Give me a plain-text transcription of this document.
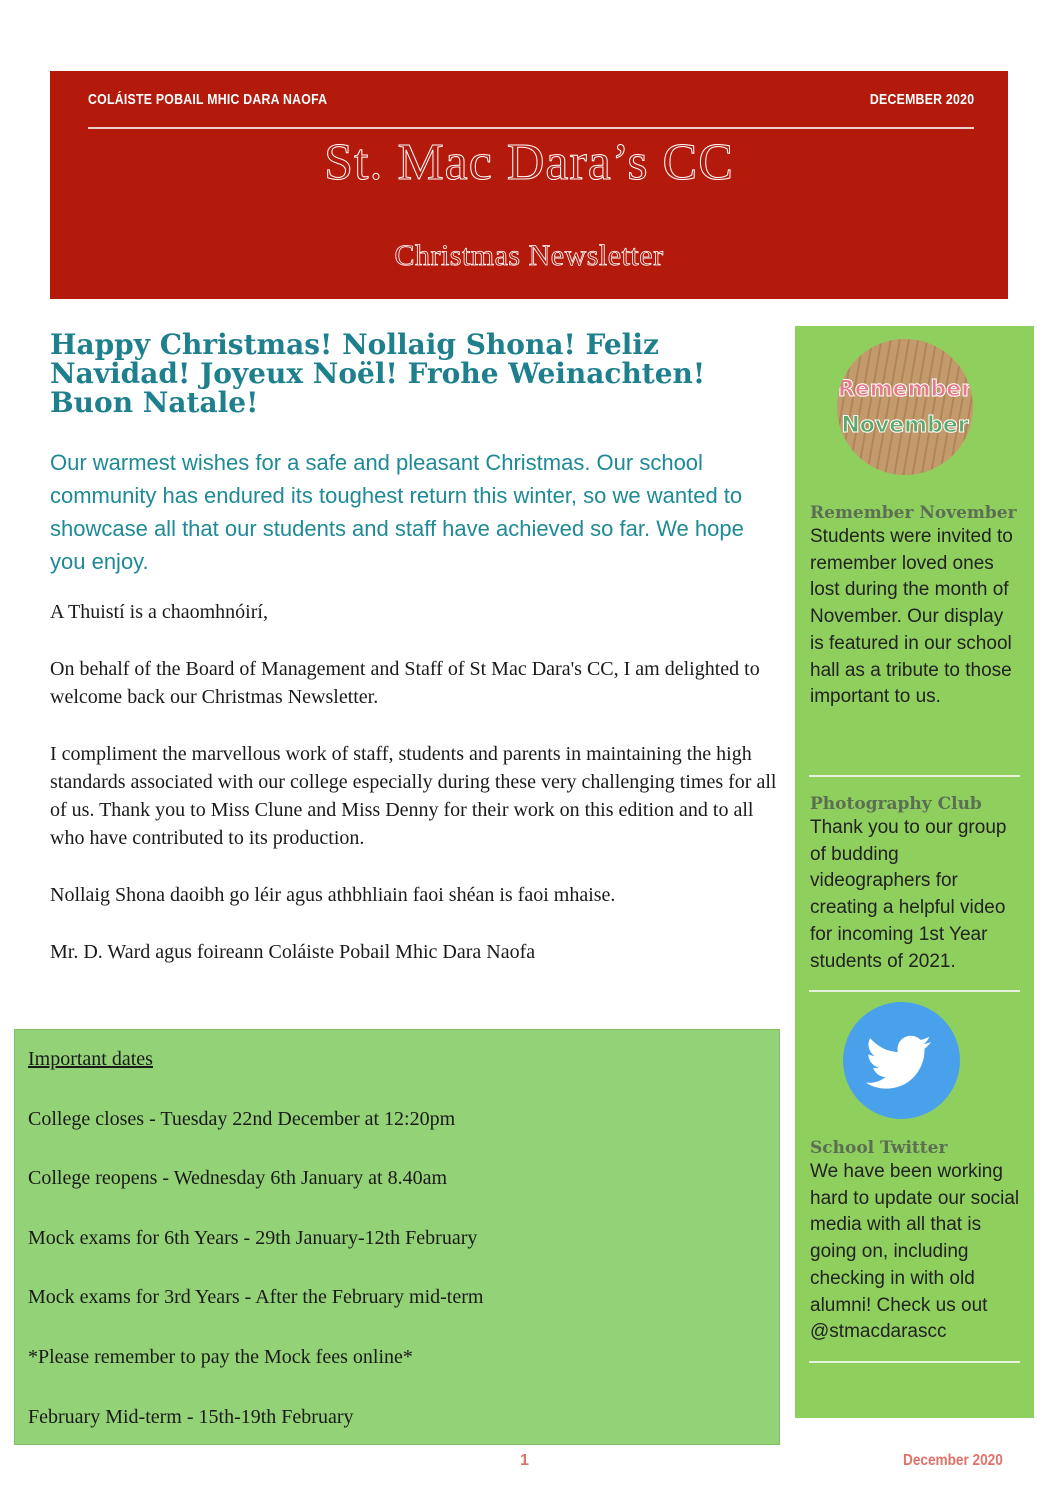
COLÁISTE POBAIL MHIC DARA NAOFA	DECEMBER 2020
St. Mac Dara’s CC
Christmas Newsletter
Happy Christmas! Nollaig Shona! Feliz Navidad! Joyeux Noël! Frohe Weinachten! Buon Natale!
Our warmest wishes for a safe and pleasant Christmas. Our school community has endured its toughest return this winter, so we wanted to showcase all that our students and staff have achieved so far. We hope you enjoy.

A Thuistí is a chaomhnóirí,

On behalf of the Board of Management and Staff of St Mac Dara's CC, I am delighted to welcome back our Christmas Newsletter.

I compliment the marvellous work of staff, students and parents in maintaining the high standards associated with our college especially during these very challenging times for all of us. Thank you to Miss Clune and Miss Denny for their work on this edition and to all who have contributed to its production.

Nollaig Shona daoibh go léir agus athbhliain faoi shéan is faoi mhaise.

Mr. D. Ward agus foireann Coláiste Pobail Mhic Dara Naofa

Important dates
College closes - Tuesday 22nd December at 12:20pm
College reopens - Wednesday 6th January at 8.40am
Mock exams for 6th Years - 29th January-12th February
Mock exams for 3rd Years - After the February mid-term
*Please remember to pay the Mock fees online*
February Mid-term - 15th-19th February
Remember
November

Remember November

Students were invited to remember loved ones lost during the month of November. Our display is featured in our school hall as a tribute to those important to us.

Photography Club

Thank you to our group of budding videographers for creating a helpful video for incoming 1st Year students of 2021.

School Twitter

We have been working hard to update our social media with all that is going on, including checking in with old alumni! Check us out @stmacdarascc

1	December 2020
